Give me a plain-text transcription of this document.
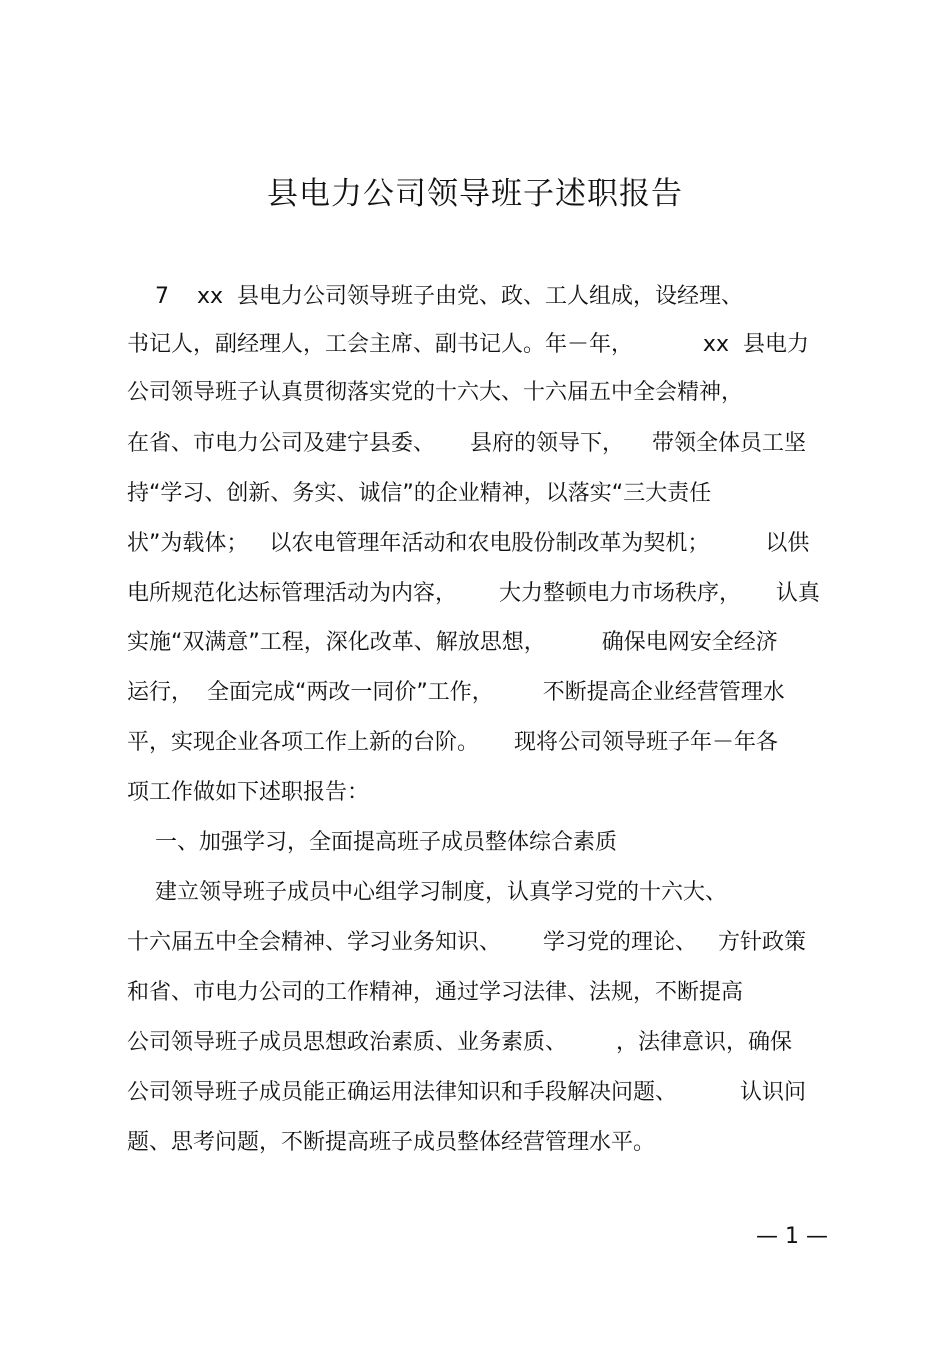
县电力公司领导班子述职报告
7    xx  县电力公司领导班子由党、政、工人组成，设经理、
书记人，副经理人，工会主席、副书记人。年－年，          xx  县电力
公司领导班子认真贯彻落实党的十六大、十六届五中全会精神，
在省、市电力公司及建宁县委、     县府的领导下，    带领全体员工坚
持“学习、创新、务实、诚信”的企业精神，以落实“三大责任
状”为载体；   以农电管理年活动和农电股份制改革为契机；        以供
电所规范化达标管理活动为内容，      大力整顿电力市场秩序，     认真
实施“双满意”工程，深化改革、解放思想，        确保电网安全经济
运行，  全面完成“两改一同价”工作，       不断提高企业经营管理水
平，实现企业各项工作上新的台阶。     现将公司领导班子年－年各
项工作做如下述职报告：
一、加强学习，全面提高班子成员整体综合素质
建立领导班子成员中心组学习制度，认真学习党的十六大、
十六届五中全会精神、学习业务知识、      学习党的理论、   方针政策
和省、市电力公司的工作精神，通过学习法律、法规，不断提高
公司领导班子成员思想政治素质、业务素质、       ，法律意识，确保
公司领导班子成员能正确运用法律知识和手段解决问题、         认识问
题、思考问题，不断提高班子成员整体经营管理水平。
— 1 —
